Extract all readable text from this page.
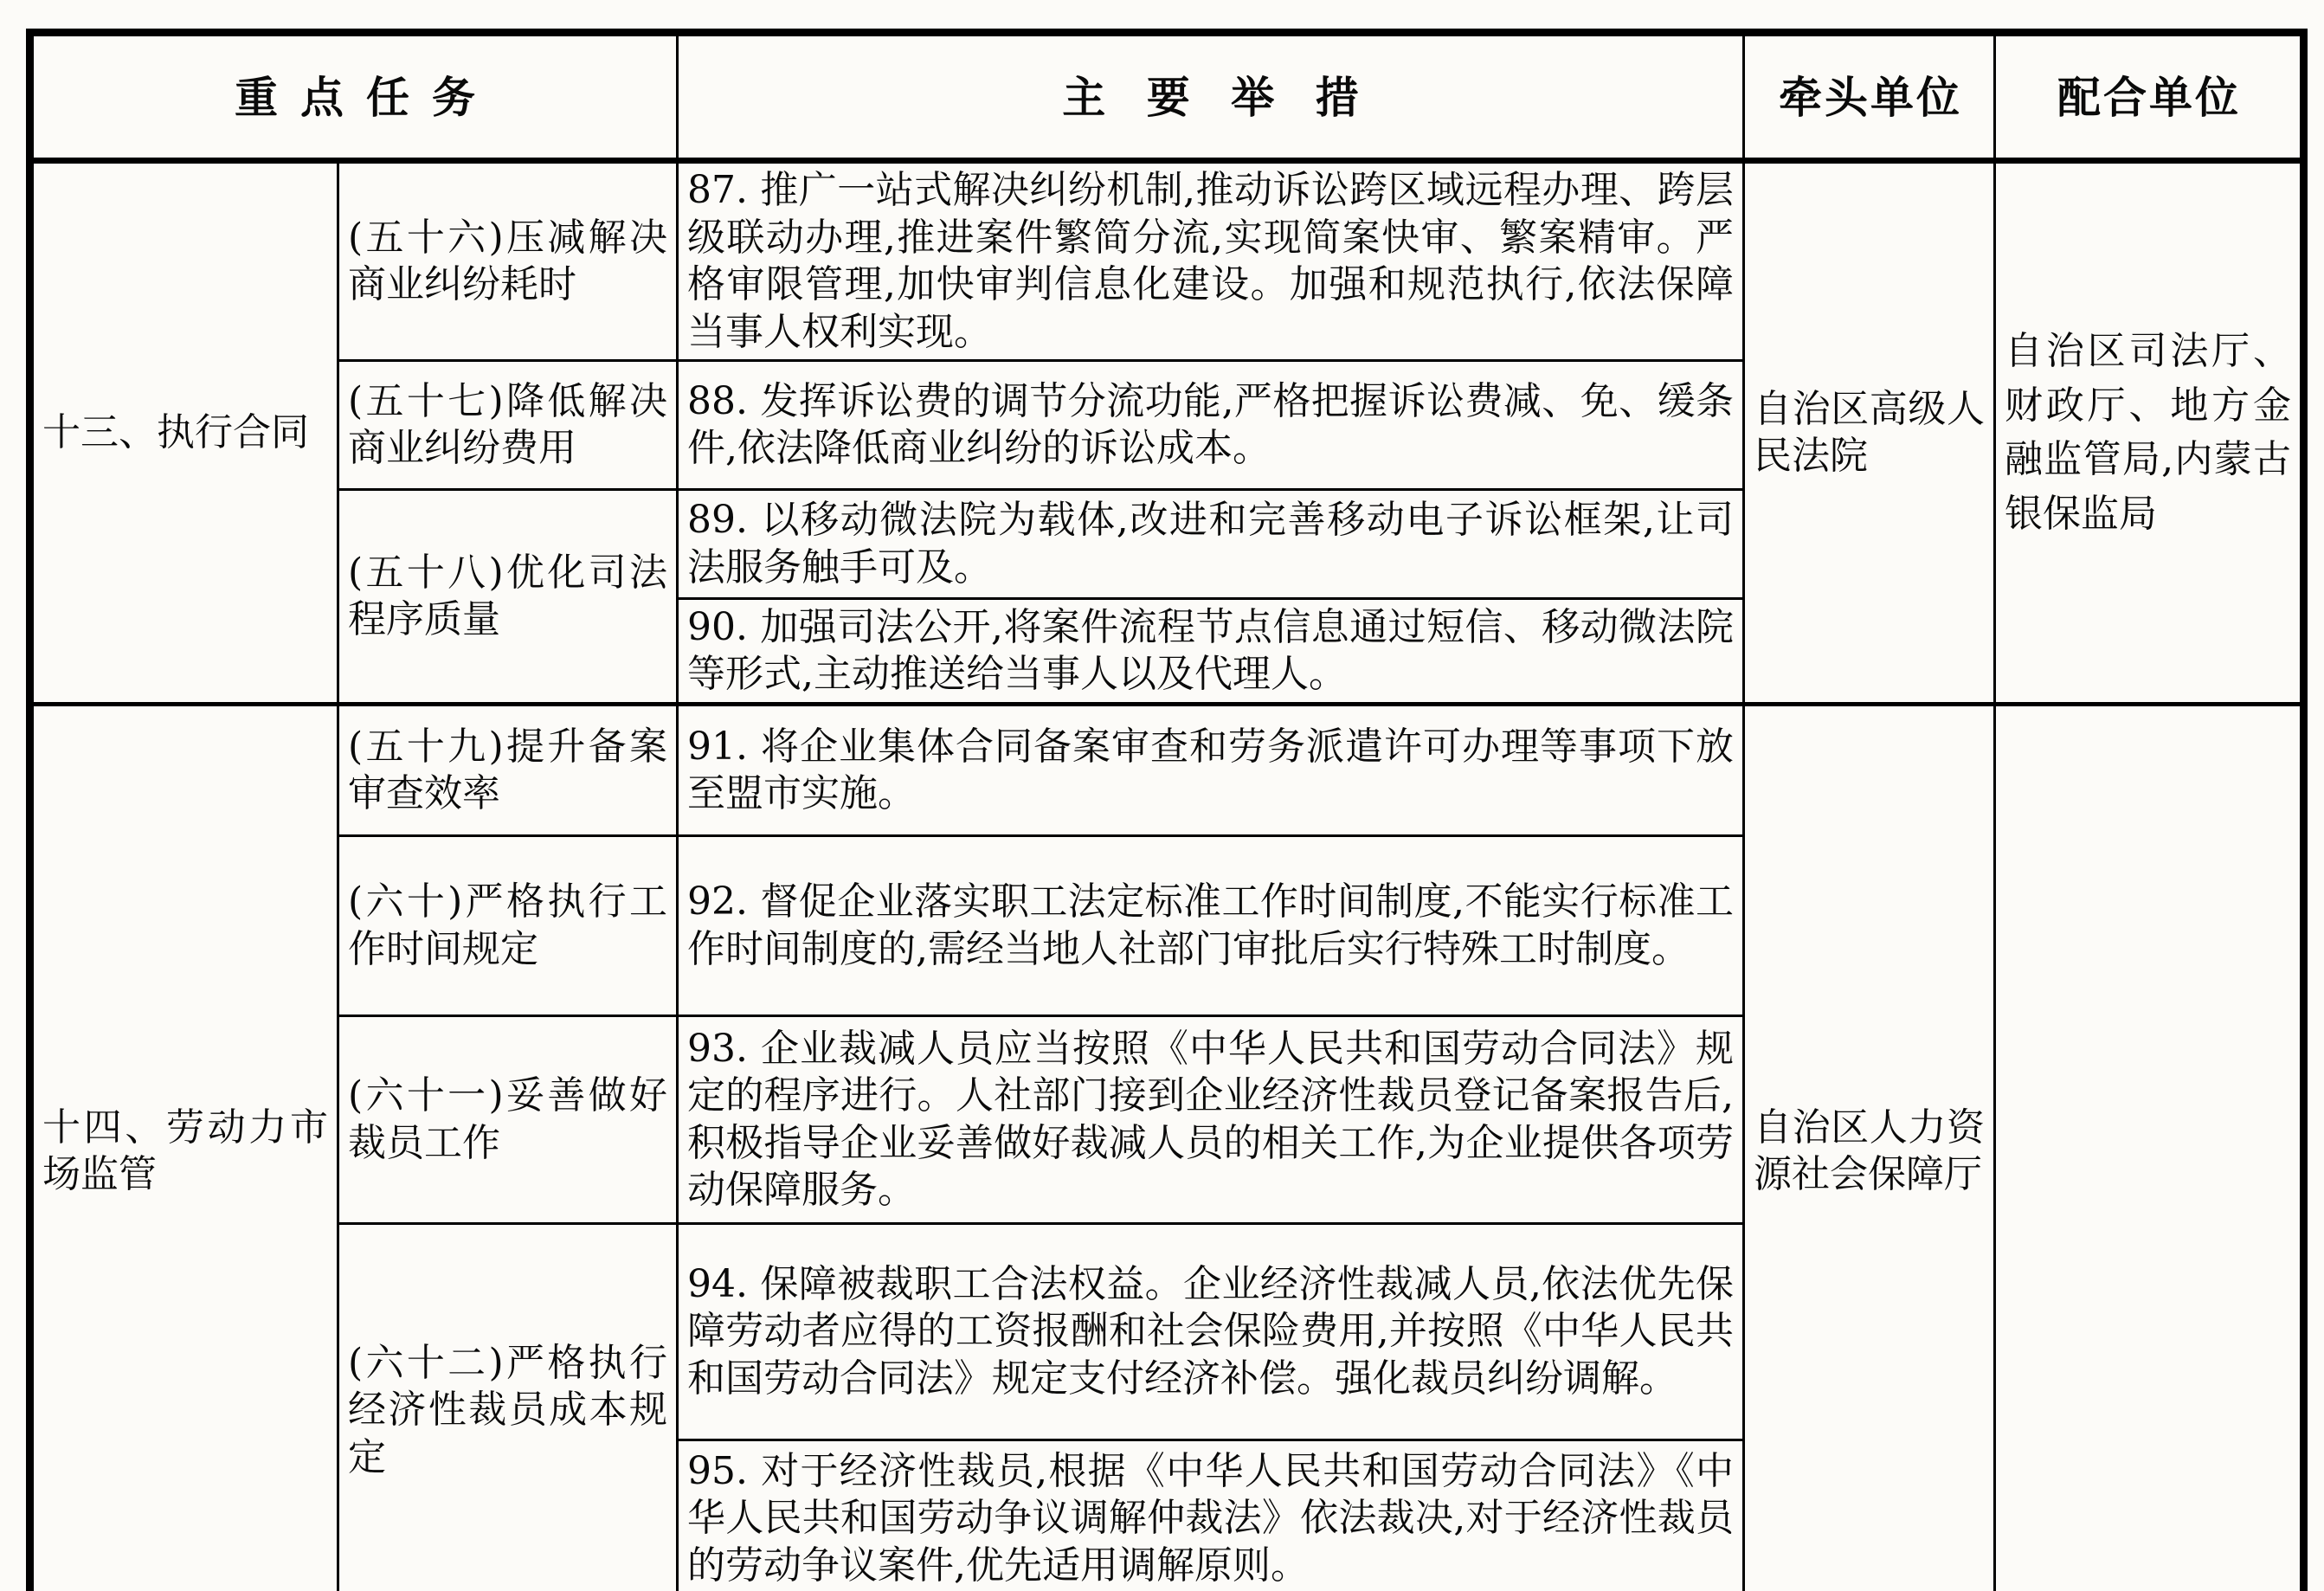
重点任务		主要举措	牵头单位	配合单位
十三、执行合同	(五十六)压减解决商业纠纷耗时	87. 推广一站式解决纠纷机制,推动诉讼跨区域远程办理、跨层级联动办理,推进案件繁简分流,实现简案快审、繁案精审。严格审限管理,加快审判信息化建设。加强和规范执行,依法保障当事人权利实现。	自治区高级人民法院	自治区司法厅、财政厅、地方金融监管局,内蒙古银保监局
	(五十七)降低解决商业纠纷费用	88. 发挥诉讼费的调节分流功能,严格把握诉讼费减、免、缓条件,依法降低商业纠纷的诉讼成本。		

	(五十八)优化司法程序质量	89. 以移动微法院为载体,改进和完善移动电子诉讼框架,让司法服务触手可及。		

		90. 加强司法公开,将案件流程节点信息通过短信、移动微法院等形式,主动推送给当事人以及代理人。		

十四、劳动力市场监管	(五十九)提升备案审查效率	91. 将企业集体合同备案审查和劳务派遣许可办理等事项下放至盟市实施。	自治区人力资源社会保障厅	
	(六十)严格执行工作时间规定	92. 督促企业落实职工法定标准工作时间制度,不能实行标准工作时间制度的,需经当地人社部门审批后实行特殊工时制度。		

	(六十一)妥善做好裁员工作	93. 企业裁减人员应当按照《中华人民共和国劳动合同法》规定的程序进行。人社部门接到企业经济性裁员登记备案报告后,积极指导企业妥善做好裁减人员的相关工作,为企业提供各项劳动保障服务。		

	(六十二)严格执行经济性裁员成本规定	94. 保障被裁职工合法权益。企业经济性裁减人员,依法优先保障劳动者应得的工资报酬和社会保险费用,并按照《中华人民共和国劳动合同法》规定支付经济补偿。强化裁员纠纷调解。		

		95. 对于经济性裁员,根据《中华人民共和国劳动合同法》《中华人民共和国劳动争议调解仲裁法》依法裁决,对于经济性裁员的劳动争议案件,优先适用调解原则。		
